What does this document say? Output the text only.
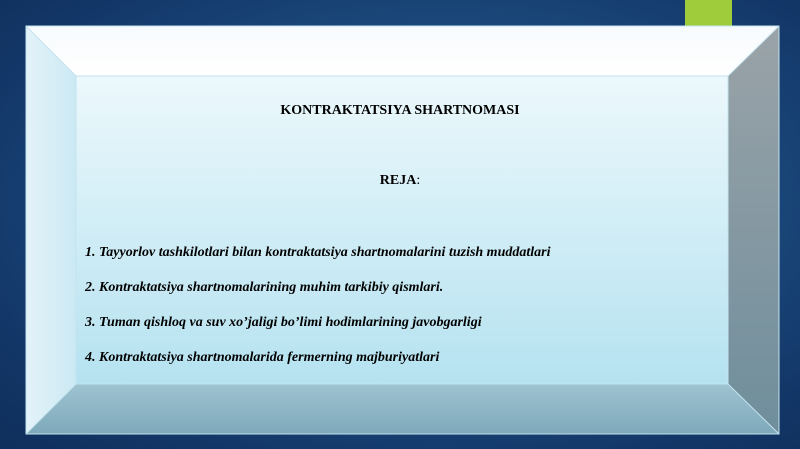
KONTRAKTATSIYA SHARTNOMASI
REJA:
1. Tayyorlov tashkilotlari bilan kontraktatsiya shartnomalarini tuzish muddatlari
2. Kontraktatsiya shartnomalarining muhim tarkibiy qismlari.
3. Tuman qishloq va suv xo’jaligi bo’limi hodimlarining javobgarligi
4. Kontraktatsiya shartnomalarida fermerning majburiyatlari
